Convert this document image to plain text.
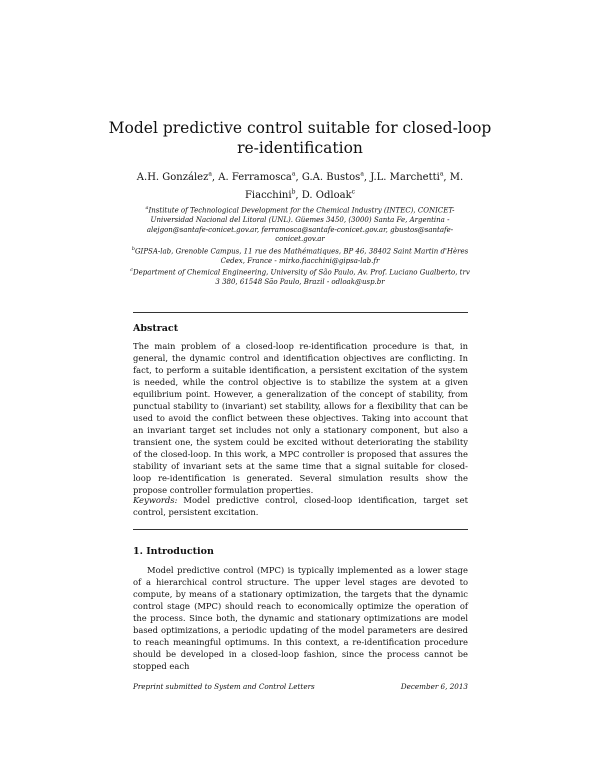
Model predictive control suitable for closed-loop
re-identification
A.H. González$^a$, A. Ferramosca$^a$, G.A. Bustos$^a$, J.L. Marchetti$^a$, M. Fiacchini$^b$, D. Odloak$^c$
$^a$Institute of Technological Development for the Chemical Industry (INTEC), CONICET-Universidad Nacional del Litoral (UNL). Güemes 3450, (3000) Santa Fe, Argentina - alejgon@santafe-conicet.gov.ar, ferramosca@santafe-conicet.gov.ar, gbustos@santafe-conicet.gov.ar
$^b$GIPSA-lab, Grenoble Campus, 11 rue des Mathématiques, BP 46, 38402 Saint Martin d'Hères Cedex, France - mirko.fiacchini@gipsa-lab.fr
$^c$Department of Chemical Engineering, University of São Paulo, Av. Prof. Luciano Gualberto, trv 3 380, 61548 São Paulo, Brazil - odloak@usp.br
Abstract
The main problem of a closed-loop re-identification procedure is that, in general, the dynamic control and identification objectives are conflicting. In fact, to perform a suitable identification, a persistent excitation of the system is needed, while the control objective is to stabilize the system at a given equilibrium point. However, a generalization of the concept of stability, from punctual stability to (invariant) set stability, allows for a flexibility that can be used to avoid the conflict between these objectives. Taking into account that an invariant target set includes not only a stationary component, but also a transient one, the system could be excited without deteriorating the stability of the closed-loop. In this work, a MPC controller is proposed that assures the stability of invariant sets at the same time that a signal suitable for closed-loop re-identification is generated. Several simulation results show the propose controller formulation properties.
Keywords: Model predictive control, closed-loop identification, target set control, persistent excitation.
1. Introduction
Model predictive control (MPC) is typically implemented as a lower stage of a hierarchical control structure. The upper level stages are devoted to compute, by means of a stationary optimization, the targets that the dynamic control stage (MPC) should reach to economically optimize the operation of the process. Since both, the dynamic and stationary optimizations are model based optimizations, a periodic updating of the model parameters are desired to reach meaningful optimums. In this context, a re-identification procedure should be developed in a closed-loop fashion, since the process cannot be stopped each
Preprint submitted to System and Control Letters	December 6, 2013
